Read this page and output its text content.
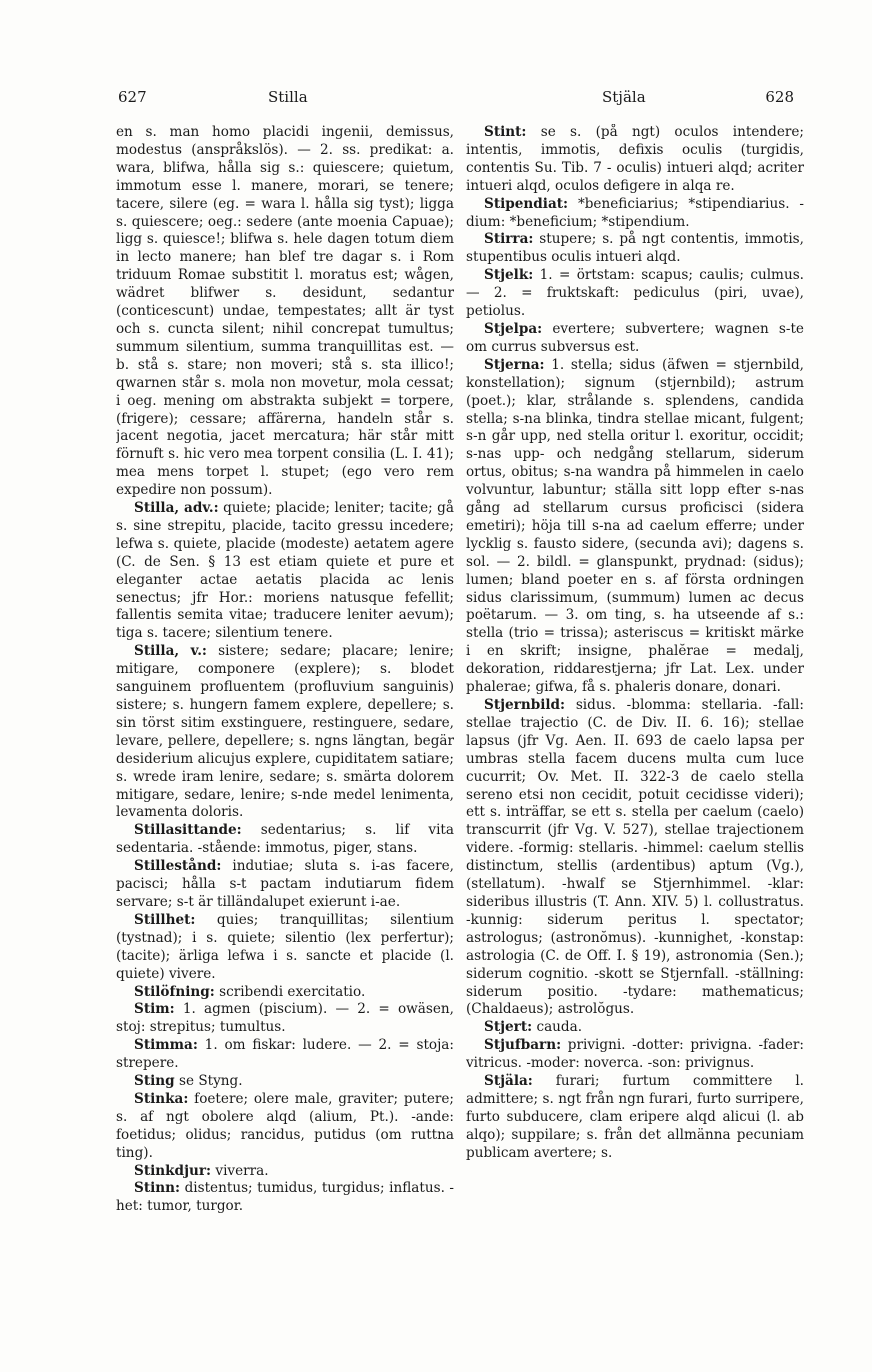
627	Stilla	Stjäla	628

en s. man homo placidi ingenii, demissus, modestus (anspråkslös). — 2. ss. predikat: a. wara, blifwa, hålla sig s.: quiescere; quietum, immotum esse l. manere, morari, se tenere; tacere, silere (eg. = wara l. hålla sig tyst); ligga s. quiescere; oeg.: sedere (ante moenia Capuae); ligg s. quiesce!; blifwa s. hele dagen totum diem in lecto manere; han blef tre dagar s. i Rom triduum Romae substitit l. moratus est; wågen, wädret blifwer s. desidunt, sedantur (conticescunt) undae, tempestates; allt är tyst och s. cuncta silent; nihil concrepat tumultus; summum silentium, summa tranquillitas est. — b. stå s. stare; non moveri; stå s. sta illico!; qwarnen står s. mola non movetur, mola cessat; i oeg. mening om abstrakta subjekt = torpere, (frigere); cessare; affärerna, handeln står s. jacent negotia, jacet mercatura; här står mitt förnuft s. hic vero mea torpent consilia (L. I. 41); mea mens torpet l. stupet; (ego vero rem expedire non possum).

Stilla, adv.: quiete; placide; leniter; tacite; gå s. sine strepitu, placide, tacito gressu incedere; lefwa s. quiete, placide (modeste) aetatem agere (C. de Sen. § 13 est etiam quiete et pure et eleganter actae aetatis placida ac lenis senectus; jfr Hor.: moriens natusque fefellit; fallentis semita vitae; traducere leniter aevum); tiga s. tacere; silentium tenere.

Stilla, v.: sistere; sedare; placare; lenire; mitigare, componere (explere); s. blodet sanguinem profluentem (profluvium sanguinis) sistere; s. hungern famem explere, depellere; s. sin törst sitim exstinguere, restinguere, sedare, levare, pellere, depellere; s. ngns längtan, begär desiderium alicujus explere, cupiditatem satiare; s. wrede iram lenire, sedare; s. smärta dolorem mitigare, sedare, lenire; s-nde medel lenimenta, levamenta doloris.

Stillasittande: sedentarius; s. lif vita sedentaria. -stående: immotus, piger, stans.

Stillestånd: indutiae; sluta s. i-as facere, pacisci; hålla s-t pactam indutiarum fidem servare; s-t är tilländalupet exierunt i-ae.

Stillhet: quies; tranquillitas; silentium (tystnad); i s. quiete; silentio (lex perfertur); (tacite); ärliga lefwa i s. sancte et placide (l. quiete) vivere.

Stilöfning: scribendi exercitatio.

Stim: 1. agmen (piscium). — 2. = owäsen, stoj: strepitus; tumultus.

Stimma: 1. om fiskar: ludere. — 2. = stoja: strepere.

Sting se Styng.

Stinka: foetere; olere male, graviter; putere; s. af ngt obolere alqd (alium, Pt.). -ande: foetidus; olidus; rancidus, putidus (om ruttna ting).

Stinkdjur: viverra.

Stinn: distentus; tumidus, turgidus; inflatus. -het: tumor, turgor.

Stint: se s. (på ngt) oculos intendere; intentis, immotis, defixis oculis (turgidis, contentis Su. Tib. 7 - oculis) intueri alqd; acriter intueri alqd, oculos defigere in alqa re.

Stipendiat: *beneficiarius; *stipendiarius. -dium: *beneficium; *stipendium.

Stirra: stupere; s. på ngt contentis, immotis, stupentibus oculis intueri alqd.

Stjelk: 1. = örtstam: scapus; caulis; culmus. — 2. = fruktskaft: pediculus (piri, uvae), petiolus.

Stjelpa: evertere; subvertere; wagnen s-te om currus subversus est.

Stjerna: 1. stella; sidus (äfwen = stjernbild, konstellation); signum (stjernbild); astrum (poet.); klar, strålande s. splendens, candida stella; s-na blinka, tindra stellae micant, fulgent; s-n går upp, ned stella oritur l. exoritur, occidit; s-nas upp- och nedgång stellarum, siderum ortus, obitus; s-na wandra på himmelen in caelo volvuntur, labuntur; ställa sitt lopp efter s-nas gång ad stellarum cursus proficisci (sidera emetiri); höja till s-na ad caelum efferre; under lycklig s. fausto sidere, (secunda avi); dagens s. sol. — 2. bildl. = glanspunkt, prydnad: (sidus); lumen; bland poeter en s. af första ordningen sidus clarissimum, (summum) lumen ac decus poëtarum. — 3. om ting, s. ha utseende af s.: stella (trio = trissa); asteriscus = kritiskt märke i en skrift; insigne, phalĕrae = medalj, dekoration, riddarestjerna; jfr Lat. Lex. under phalerae; gifwa, få s. phaleris donare, donari.

Stjernbild: sidus. -blomma: stellaria. -fall: stellae trajectio (C. de Div. II. 6. 16); stellae lapsus (jfr Vg. Aen. II. 693 de caelo lapsa per umbras stella facem ducens multa cum luce cucurrit; Ov. Met. II. 322-3 de caelo stella sereno etsi non cecidit, potuit cecidisse videri); ett s. inträffar, se ett s. stella per caelum (caelo) transcurrit (jfr Vg. V. 527), stellae trajectionem videre. -formig: stellaris. -himmel: caelum stellis distinctum, stellis (ardentibus) aptum (Vg.), (stellatum). -hwalf se Stjernhimmel. -klar: sideribus illustris (T. Ann. XIV. 5) l. collustratus. -kunnig: siderum peritus l. spectator; astrologus; (astronŏmus). -kunnighet, -konstap: astrologia (C. de Off. I. § 19), astronomia (Sen.); siderum cognitio. -skott se Stjernfall. -ställning: siderum positio. -tydare: mathematicus; (Chaldaeus); astrolŏgus.

Stjert: cauda.

Stjufbarn: privigni. -dotter: privigna. -fader: vitricus. -moder: noverca. -son: privignus.

Stjäla: furari; furtum committere l. admittere; s. ngt från ngn furari, furto surripere, furto subducere, clam eripere alqd alicui (l. ab alqo); suppilare; s. från det allmänna pecuniam publicam avertere; s.
